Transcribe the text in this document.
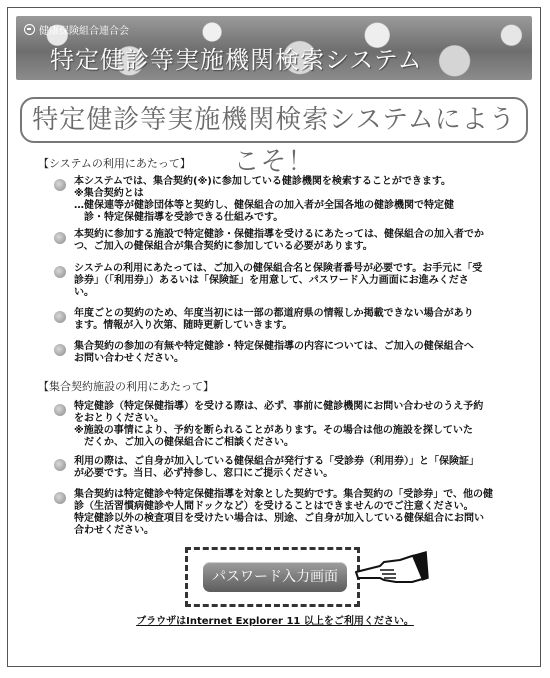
健康保険組合連合会
特定健診等実施機関検索システム
特定健診等実施機関検索システムにようこそ！
【システムの利用にあたって】
本システムでは、集合契約(※)に参加している健診機関を検索することができます。
※集合契約とは
…健保連等が健診団体等と契約し、健保組合の加入者が全国各地の健診機関で特定健
　診・特定保健指導を受診できる仕組みです。
本契約に参加する施設で特定健診・保健指導を受けるにあたっては、健保組合の加入者でか
つ、ご加入の健保組合が集合契約に参加している必要があります。
システムの利用にあたっては、ご加入の健保組合名と保険者番号が必要です。お手元に「受
診券」（「利用券」）あるいは「保険証」を用意して、パスワード入力画面にお進みくださ
い。
年度ごとの契約のため、年度当初には一部の都道府県の情報しか掲載できない場合があり
ます。情報が入り次第、随時更新していきます。
集合契約の参加の有無や特定健診・特定保健指導の内容については、ご加入の健保組合へ
お問い合わせください。
【集合契約施設の利用にあたって】
特定健診（特定保健指導）を受ける際は、必ず、事前に健診機関にお問い合わせのうえ予約
をおとりください。
※施設の事情により、予約を断られることがあります。その場合は他の施設を探していた
　だくか、ご加入の健保組合にご相談ください。
利用の際は、ご自身が加入している健保組合が発行する「受診券（利用券）」と「保険証」
が必要です。当日、必ず持参し、窓口にご提示ください。
集合契約は特定健診や特定保健指導を対象とした契約です。集合契約の「受診券」で、他の健
診（生活習慣病健診や人間ドックなど）を受けることはできませんのでご注意ください。
特定健診以外の検査項目を受けたい場合は、別途、ご自身が加入している健保組合にお問い
合わせください。
パスワード入力画面
ブラウザはInternet Explorer 11 以上をご利用ください。
